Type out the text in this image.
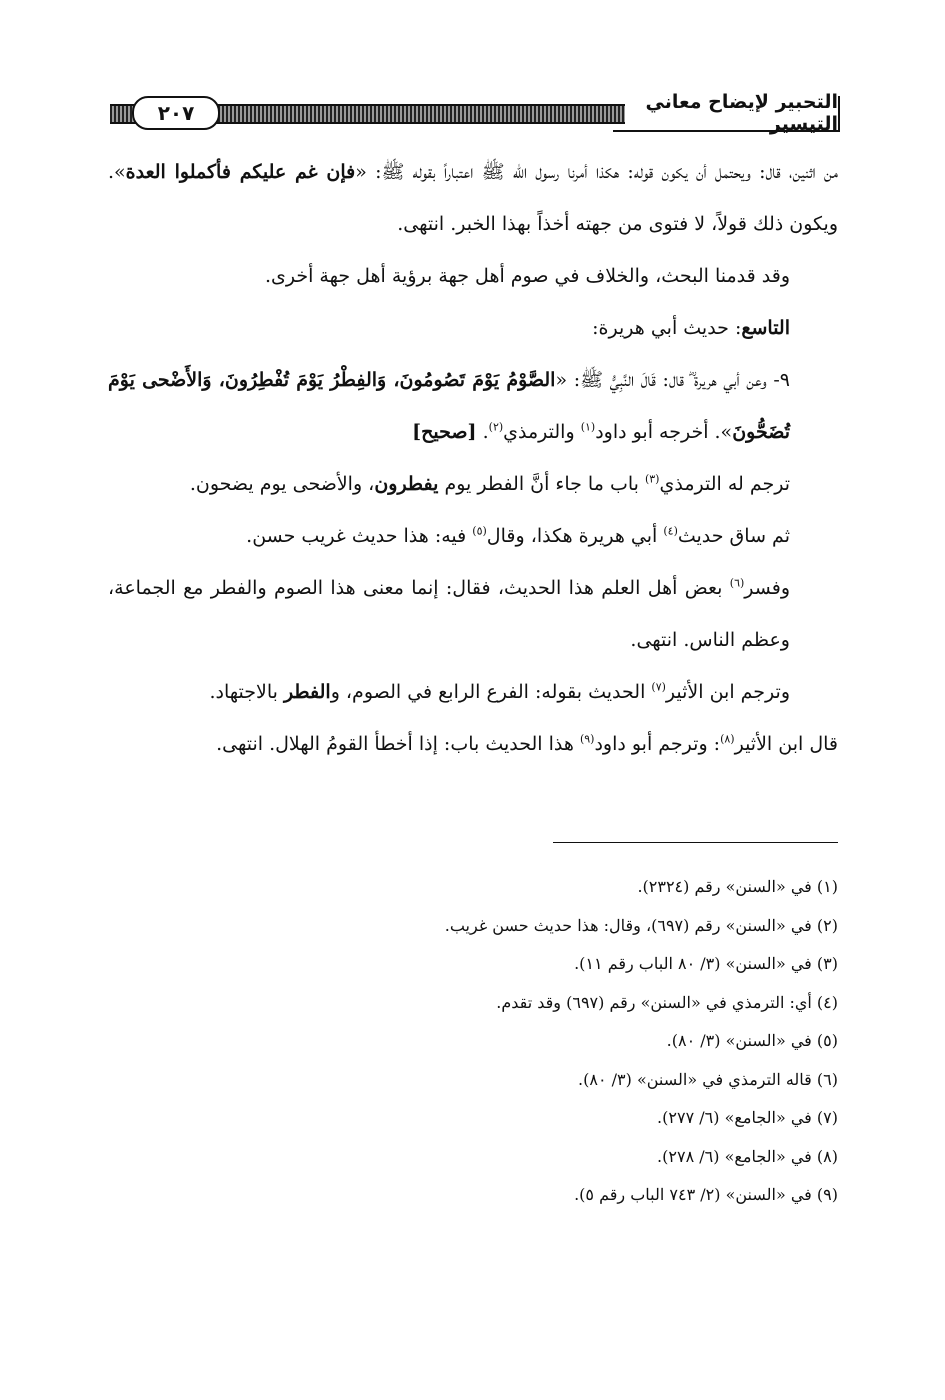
٢٠٧	التحبير لإيضاح معاني التيسير

من اثنين، قال: ويحتمل أن يكون قوله: هكذا أمرنا رسول الله ﷺ اعتباراً بقوله ﷺ: «فإن غم عليكم فأكملوا العدة». ويكون ذلك قولاً، لا فتوى من جهته أخذاً بهذا الخبر. انتهى.

وقد قدمنا البحث، والخلاف في صوم أهل جهة برؤية أهل جهة أخرى.

التاسع: حديث أبي هريرة:

٩- وعن أبي هريرة ؓ قال: قَالَ النَّبِيُّ ﷺ: «الصَّوْمُ يَوْمَ تَصُومُونَ، وَالفِطْرُ يَوْمَ تُفْطِرُونَ، وَالأَضْحى يَوْمَ تُضَحُّونَ». أخرجه أبو داود$^{(١)}$ والترمذي$^{(٢)}$. [صحيح]

ترجم له الترمذي$^{(٣)}$ باب ما جاء أنَّ الفطر يوم يفطرون، والأضحى يوم يضحون.

ثم ساق حديث$^{(٤)}$ أبي هريرة هكذا، وقال$^{(٥)}$ فيه: هذا حديث غريب حسن.

وفسر$^{(٦)}$ بعض أهل العلم هذا الحديث، فقال: إنما معنى هذا الصوم والفطر مع الجماعة، وعظم الناس. انتهى.

وترجم ابن الأثير$^{(٧)}$ الحديث بقوله: الفرع الرابع في الصوم، والفطر بالاجتهاد.

قال ابن الأثير$^{(٨)}$: وترجم أبو داود$^{(٩)}$ هذا الحديث باب: إذا أخطأ القومُ الهلال. انتهى.

(١) في «السنن» رقم (٢٣٢٤).

(٢) في «السنن» رقم (٦٩٧)، وقال: هذا حديث حسن غريب.

(٣) في «السنن» (٣/ ٨٠ الباب رقم ١١).

(٤) أي: الترمذي في «السنن» رقم (٦٩٧) وقد تقدم.

(٥) في «السنن» (٣/ ٨٠).

(٦) قاله الترمذي في «السنن» (٣/ ٨٠).

(٧) في «الجامع» (٦/ ٢٧٧).

(٨) في «الجامع» (٦/ ٢٧٨).

(٩) في «السنن» (٢/ ٧٤٣ الباب رقم ٥).
